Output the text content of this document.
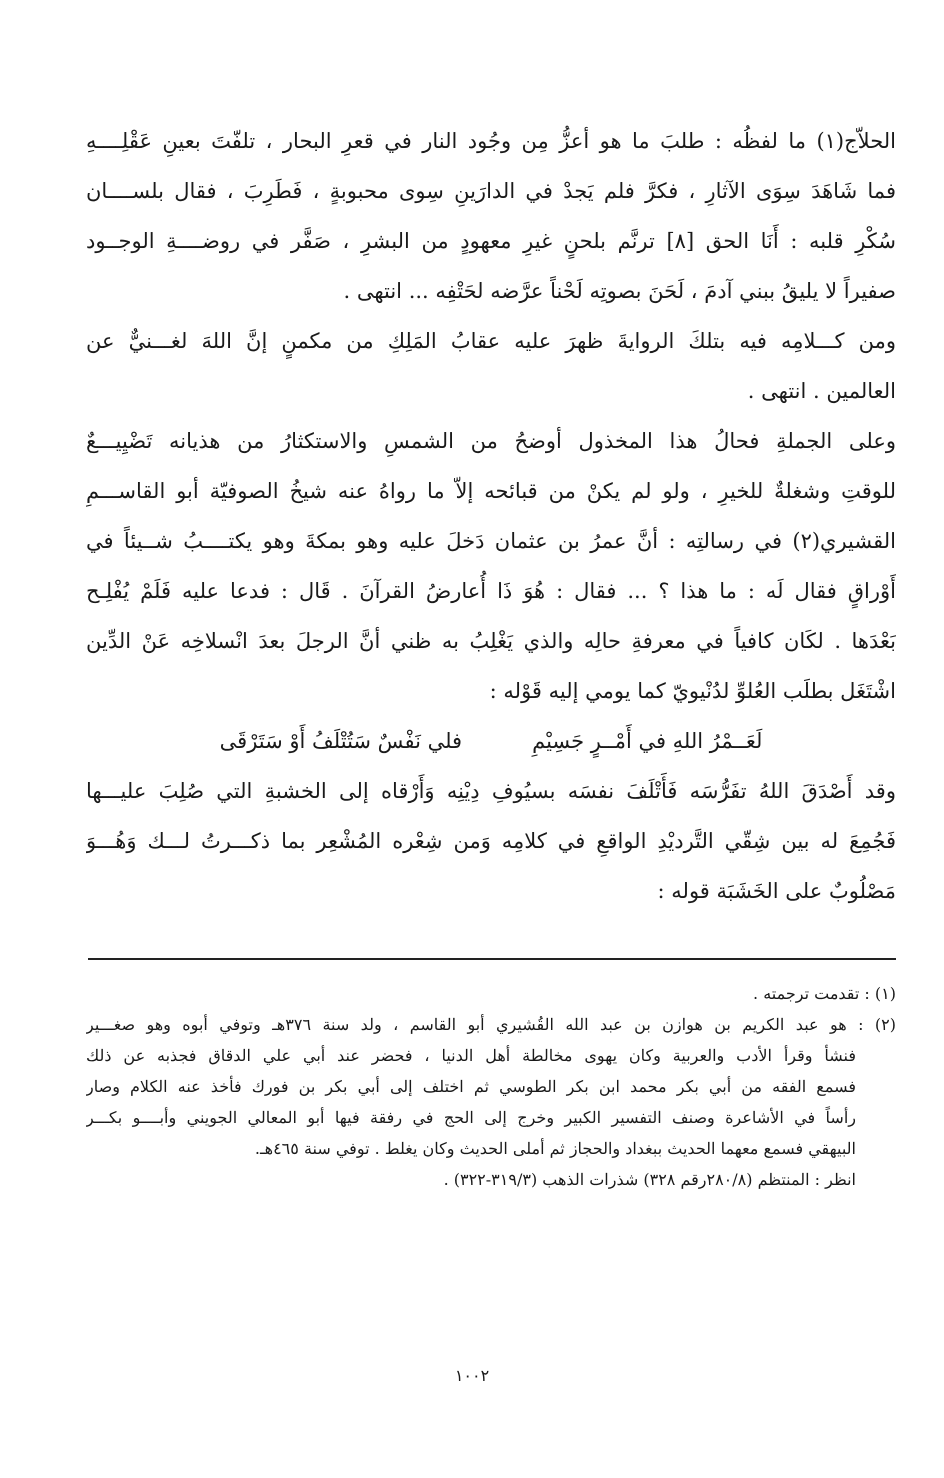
الحلاّج(١) ما لفظُه : طلبَ ما هو أعزُّ مِن وجُود النار في قعرِ البحار ، تلفّتَ بعينِ عَقْلِــــهِ
فما شَاهَدَ سِوَى الآثارِ ، فكرَّ فلم يَجدْ في الدارَينِ سِوى محبوبةٍ ، فَطَرِبَ ، فقال بلســــان
سُكْرِ قلبه : أَنَا الحق [٨] ترنَّم بلحنٍ غيرِ معهودٍ من البشرِ ، صَفَّر في روضــــةِ الوجــود
صفيراً لا يليقُ ببني آدمَ ، لَحَنَ بصوتِه لَحْناً عرَّضه لحَتْفِه ... انتهى .
ومن كـــلامِه فيه بتلكَ الروايةَ ظهرَ عليه عقابُ المَلِكِ من مكمنٍ إنَّ اللهَ لغـــنيٌّ عن
العالمين . انتهى .
وعلى الجملةِ فحالُ هذا المخذول أوضحُ من الشمسِ والاستكثارُ من هذيانه تَضْيِيـــعٌ
للوقتِ وشغلةٌ للخيرِ ، ولو لم يكنْ من قبائحه إلاّ ما رواهُ عنه شيخُ الصوفيّة أبو القاســـمِ
القشيري(٢) في رسالتِه : أنَّ عمرُ بن عثمان دَخلَ عليه وهو بمكةَ وهو يكتــــبُ شــيئاً في
أَوْراقٍ فقال لَه : ما هذا ؟ ... فقال : هُوَ ذَا أُعارضُ القرآنَ . قَال : فدعا عليه فَلَمْ يُفْلِـح
بَعْدَها . لكَان كافياً في معرفةِ حالِه والذي يَغْلِبُ به ظني أنَّ الرجلَ بعدَ انْسلاخِه عَنْ الدِّين
اشْتَغَل بطلَب العُلوِّ لدُنْيويّ كما يومي إليه قَوْله :
لَعَــمْرُ اللهِ في أَمْــرٍ جَسِيْمِ
فلي نَفْسٌ سَتُتْلَفُ أَوْ سَتَرْقَى
وقد أَصْدَقَ اللهُ تفَرُّسَه فَأَتْلَفَ نفسَه بسيُوفِ دِيْنِه وَأَرْقاه إلى الخشبةِ التي صُلِبَ عليـــها
فَجُمِعَ له بين شِقّي التَّرديْدِ الواقعِ في كلامِه وَمن شِعْره المُشْعِر بما ذكـــرتُ لـــك وَهُـــوَ
مَصْلُوبٌ على الخَشَبَة قوله :
(١) : تقدمت ترجمته .
(٢) : هو عبد الكريم بن هوازن بن عبد الله القُشيري أبو القاسم ، ولد سنة ٣٧٦هـ وتوفي أبوه وهو صغـــير
فنشأ وقرأ الأدب والعربية وكان يهوى مخالطة أهل الدنيا ، فحضر عند أبي علي الدقاق فجذبه عن ذلك
فسمع الفقه من أبي بكر محمد ابن بكر الطوسي ثم اختلف إلى أبي بكر بن فورك فأخذ عنه الكلام وصار
رأساً في الأشاعرة وصنف التفسير الكبير وخرج إلى الحج في رفقة فيها أبو المعالي الجويني وأبــــو بكـــر
البيهقي فسمع معهما الحديث ببغداد والحجاز ثم أملى الحديث وكان يغلط . توفي سنة ٤٦٥هـ.
انظر : المنتظم (٢٨٠/٨رقم ٣٢٨) شذرات الذهب (٣١٩/٣-٣٢٢) .
١٠٠٢
